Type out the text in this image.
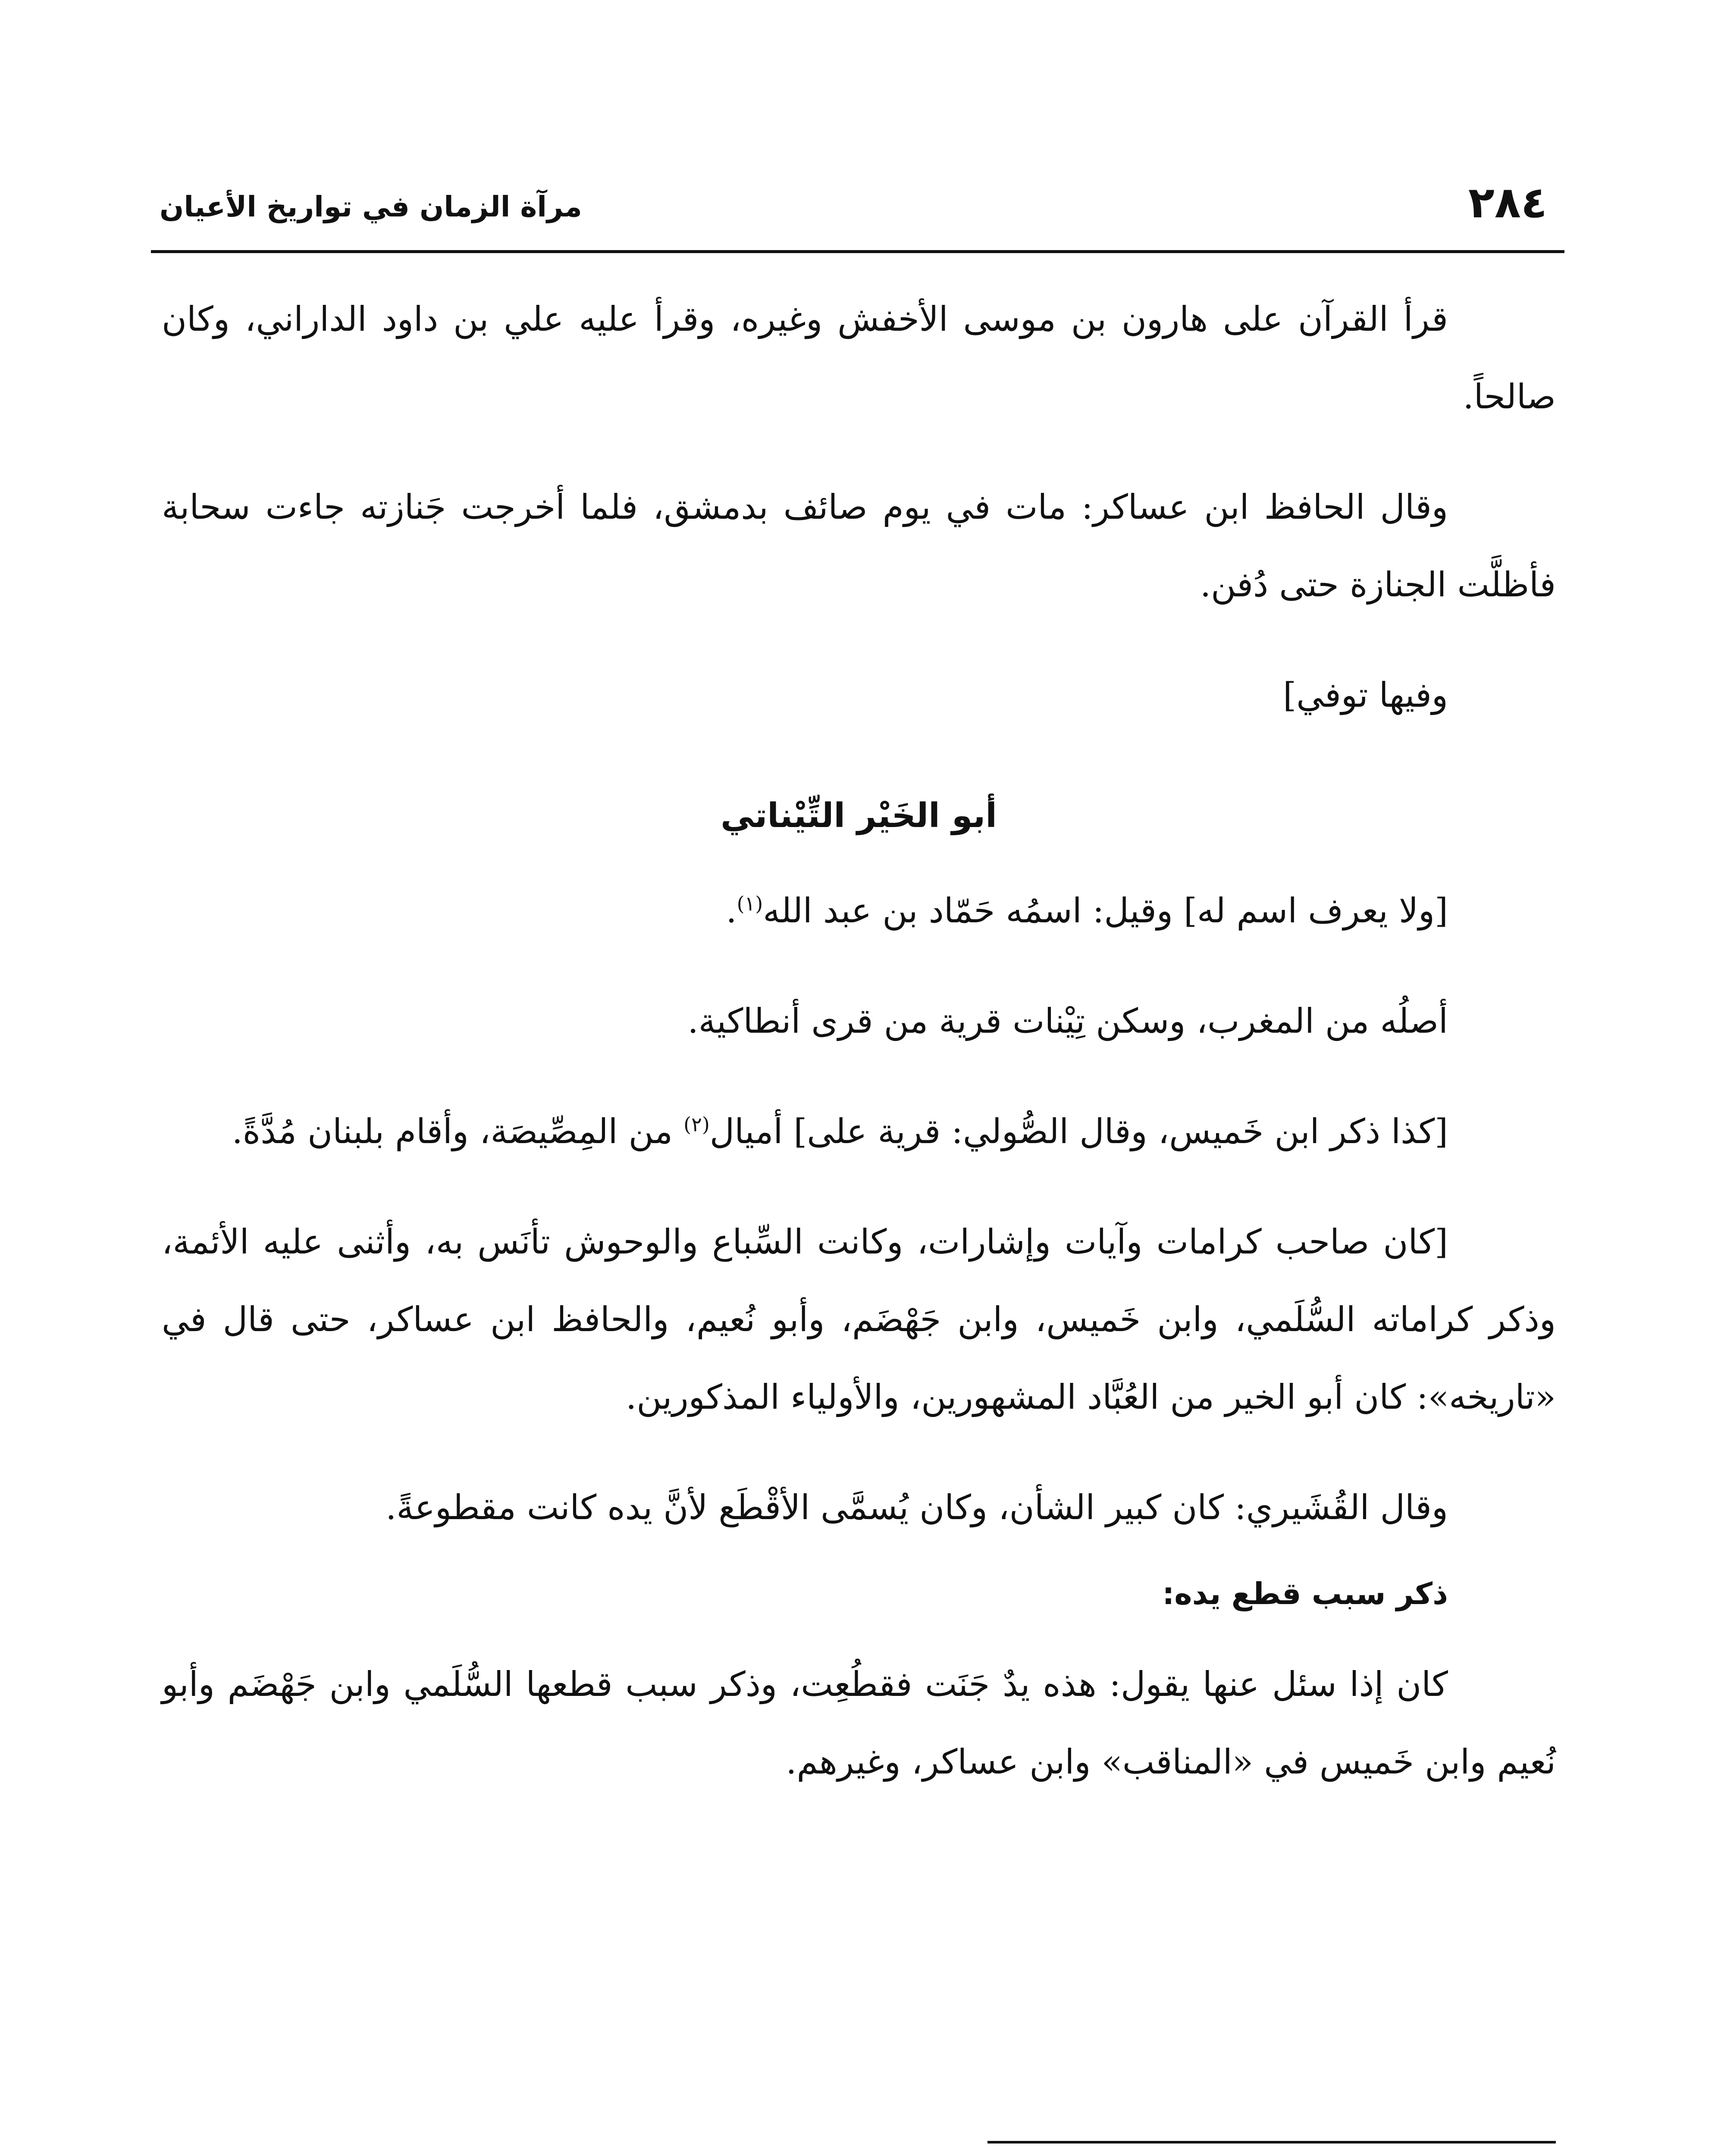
٢٨٤
مرآة الزمان في تواريخ الأعيان

قرأ القرآن على هارون بن موسى الأخفش وغيره، وقرأ عليه علي بن داود الداراني، وكان صالحاً.

وقال الحافظ ابن عساكر: مات في يوم صائف بدمشق، فلما أخرجت جَنازته جاءت سحابة فأظلَّت الجنازة حتى دُفن.

وفيها توفي]

أبو الخَيْر التِّيْناتي

[ولا يعرف اسم له] وقيل: اسمُه حَمّاد بن عبد الله$^{(١)}$.

أصلُه من المغرب، وسكن تِيْنات قرية من قرى أنطاكية.

[كذا ذكر ابن خَميس، وقال الصُّولي: قرية على] أميال$^{(٢)}$ من المِصِّيصَة، وأقام بلبنان مُدَّةً.

[كان صاحب كرامات وآيات وإشارات، وكانت السِّباع والوحوش تأنَس به، وأثنى عليه الأئمة، وذكر كراماته السُّلَمي، وابن خَميس، وابن جَهْضَم، وأبو نُعيم، والحافظ ابن عساكر، حتى قال في «تاريخه»: كان أبو الخير من العُبَّاد المشهورين، والأولياء المذكورين.

وقال القُشَيري: كان كبير الشأن، وكان يُسمَّى الأقْطَع لأنَّ يده كانت مقطوعةً.

ذكر سبب قطع يده:

كان إذا سئل عنها يقول: هذه يدٌ جَنَت فقطُعِت، وذكر سبب قطعها السُّلَمي وابن جَهْضَم وأبو نُعيم وابن خَميس في «المناقب» وابن عساكر، وغيرهم.
